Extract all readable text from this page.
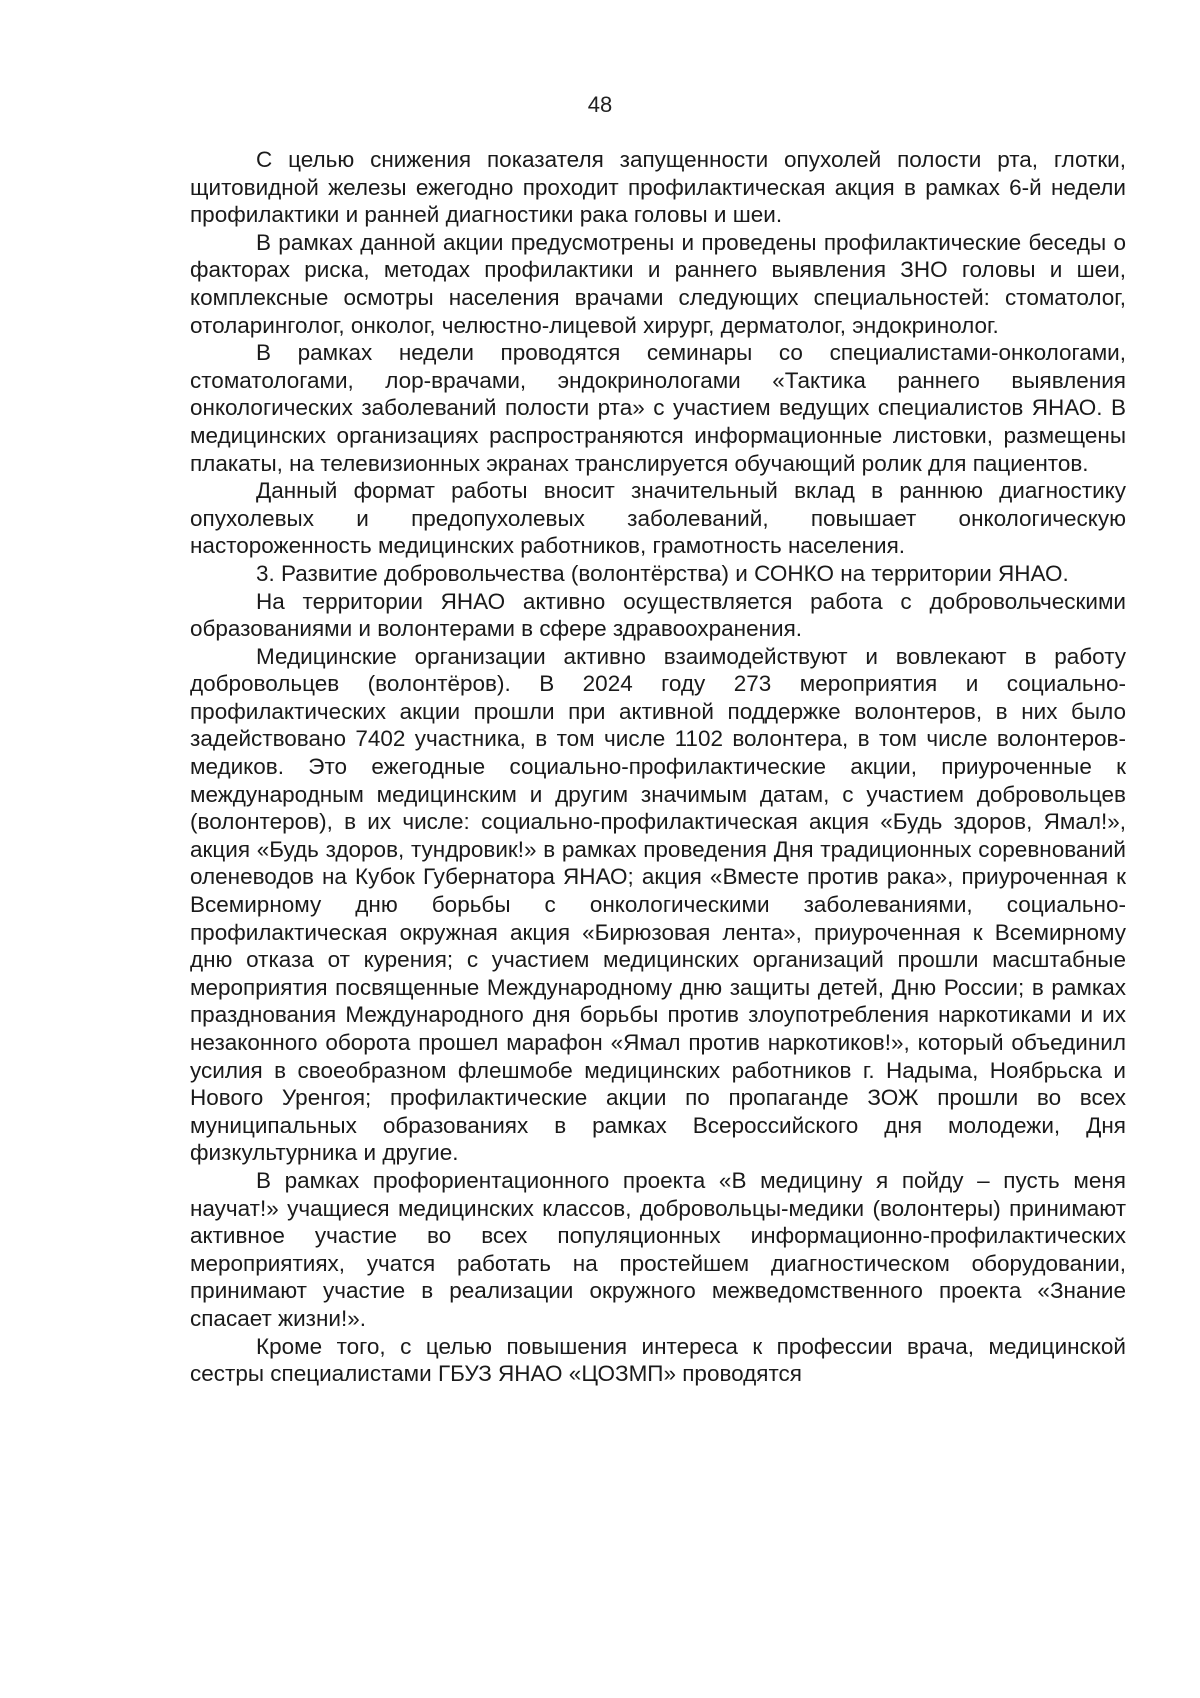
48

С целью снижения показателя запущенности опухолей полости рта, глотки, щитовидной железы ежегодно проходит профилактическая акция в рамках 6-й недели профилактики и ранней диагностики рака головы и шеи.

В рамках данной акции предусмотрены и проведены профилактические беседы о факторах риска, методах профилактики и раннего выявления ЗНО головы и шеи, комплексные осмотры населения врачами следующих специальностей: стоматолог, отоларинголог, онколог, челюстно-лицевой хирург, дерматолог, эндокринолог.

В рамках недели проводятся семинары со специалистами-онкологами, стоматологами, лор-врачами, эндокринологами «Тактика раннего выявления онкологических заболеваний полости рта» с участием ведущих специалистов ЯНАО. В медицинских организациях распространяются информационные листовки, размещены плакаты, на телевизионных экранах транслируется обучающий ролик для пациентов.

Данный формат работы вносит значительный вклад в раннюю диагностику опухолевых и предопухолевых заболеваний, повышает онкологическую настороженность медицинских работников, грамотность населения.

3. Развитие добровольчества (волонтёрства) и СОНКО на территории ЯНАО.

На территории ЯНАО активно осуществляется работа с добровольческими образованиями и волонтерами в сфере здравоохранения.

Медицинские организации активно взаимодействуют и вовлекают в работу добровольцев (волонтёров). В 2024 году 273 мероприятия и социально-профилактических акции прошли при активной поддержке волонтеров, в них было задействовано 7402 участника, в том числе 1102 волонтера, в том числе волонтеров-медиков. Это ежегодные социально-профилактические акции, приуроченные к международным медицинским и другим значимым датам, с участием добровольцев (волонтеров), в их числе: социально-профилактическая акция «Будь здоров, Ямал!», акция «Будь здоров, тундровик!» в рамках проведения Дня традиционных соревнований оленеводов на Кубок Губернатора ЯНАО; акция «Вместе против рака», приуроченная к Всемирному дню борьбы с онкологическими заболеваниями, социально-профилактическая окружная акция «Бирюзовая лента», приуроченная к Всемирному дню отказа от курения; с участием медицинских организаций прошли масштабные мероприятия посвященные Международному дню защиты детей, Дню России; в рамках празднования Международного дня борьбы против злоупотребления наркотиками и их незаконного оборота прошел марафон «Ямал против наркотиков!», который объединил усилия в своеобразном флешмобе медицинских работников г. Надыма, Ноябрьска и Нового Уренгоя; профилактические акции по пропаганде ЗОЖ прошли во всех муниципальных образованиях в рамках Всероссийского дня молодежи, Дня физкультурника и другие.

В рамках профориентационного проекта «В медицину я пойду – пусть меня научат!» учащиеся медицинских классов, добровольцы-медики (волонтеры) принимают активное участие во всех популяционных информационно-профилактических мероприятиях, учатся работать на простейшем диагностическом оборудовании, принимают участие в реализации окружного межведомственного проекта «Знание спасает жизни!».

Кроме того, с целью повышения интереса к профессии врача, медицинской сестры специалистами ГБУЗ ЯНАО «ЦОЗМП» проводятся
